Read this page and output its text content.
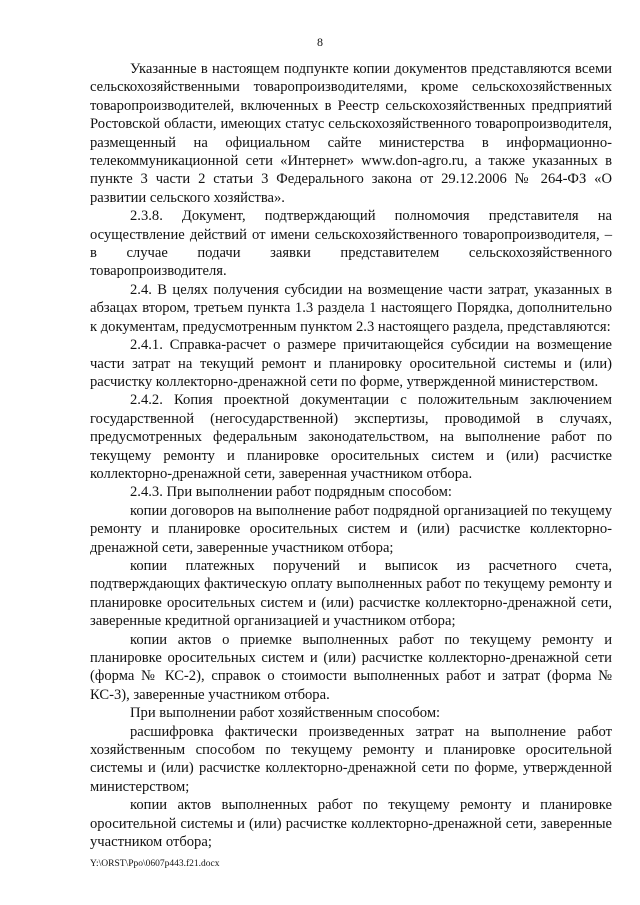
8

Указанные в настоящем подпункте копии документов представляются всеми сельскохозяйственными товаропроизводителями, кроме сельскохозяйственных товаропроизводителей, включенных в Реестр сельскохозяйственных предприятий Ростовской области, имеющих статус сельскохозяйственного товаропроизводителя, размещенный на официальном сайте министерства в информационно-телекоммуникационной сети «Интернет» www.don-agro.ru, а также указанных в пункте 3 части 2 статьи 3 Федерального закона от 29.12.2006 № 264-ФЗ «О развитии сельского хозяйства».

2.3.8. Документ, подтверждающий полномочия представителя на осуществление действий от имени сельскохозяйственного товаропроизводителя, – в случае подачи заявки представителем сельскохозяйственного товаропроизводителя.

2.4. В целях получения субсидии на возмещение части затрат, указанных в абзацах втором, третьем пункта 1.3 раздела 1 настоящего Порядка, дополнительно к документам, предусмотренным пунктом 2.3 настоящего раздела, представляются:

2.4.1. Справка-расчет о размере причитающейся субсидии на возмещение части затрат на текущий ремонт и планировку оросительной системы и (или) расчистку коллекторно-дренажной сети по форме, утвержденной министерством.

2.4.2. Копия проектной документации с положительным заключением государственной (негосударственной) экспертизы, проводимой в случаях, предусмотренных федеральным законодательством, на выполнение работ по текущему ремонту и планировке оросительных систем и (или) расчистке коллекторно-дренажной сети, заверенная участником отбора.

2.4.3. При выполнении работ подрядным способом:

копии договоров на выполнение работ подрядной организацией по текущему ремонту и планировке оросительных систем и (или) расчистке коллекторно-дренажной сети, заверенные участником отбора;

копии платежных поручений и выписок из расчетного счета, подтверждающих фактическую оплату выполненных работ по текущему ремонту и планировке оросительных систем и (или) расчистке коллекторно-дренажной сети, заверенные кредитной организацией и участником отбора;

копии актов о приемке выполненных работ по текущему ремонту и планировке оросительных систем и (или) расчистке коллекторно-дренажной сети (форма № КС-2), справок о стоимости выполненных работ и затрат (форма № КС-3), заверенные участником отбора.

При выполнении работ хозяйственным способом:

расшифровка фактически произведенных затрат на выполнение работ хозяйственным способом по текущему ремонту и планировке оросительной системы и (или) расчистке коллекторно-дренажной сети по форме, утвержденной министерством;

копии актов выполненных работ по текущему ремонту и планировке оросительной системы и (или) расчистке коллекторно-дренажной сети, заверенные участником отбора;

Y:\ORST\Ppo\0607p443.f21.docx
